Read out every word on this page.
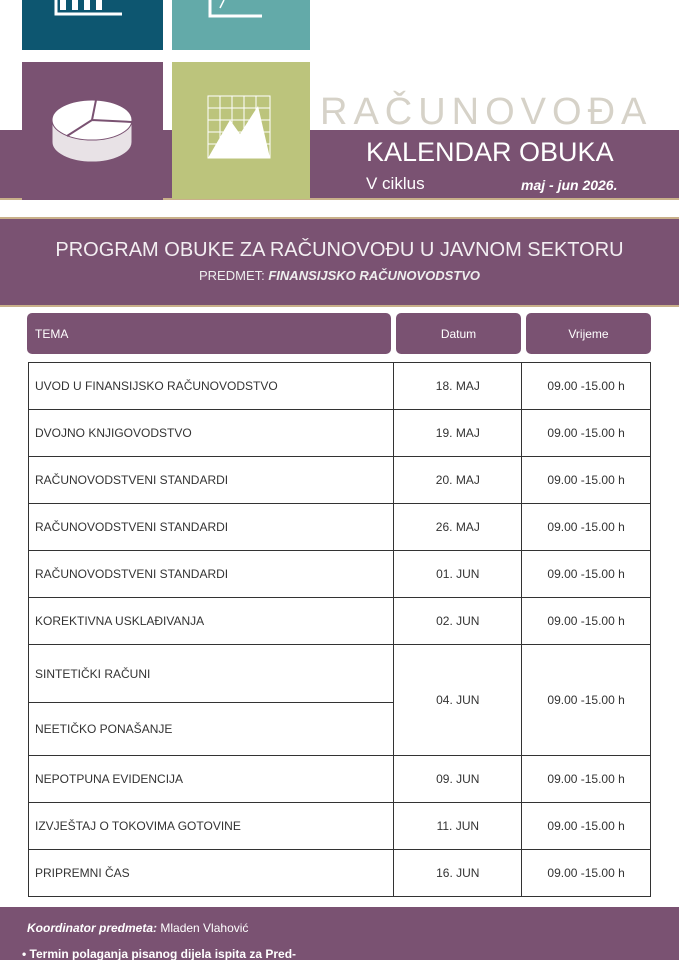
RAČUNOVOĐA
KALENDAR OBUKA
V ciklus	maj - jun 2026.
PROGRAM OBUKE ZA RAČUNOVOĐU U JAVNOM SEKTORU
PREDMET: FINANSIJSKO RAČUNOVODSTVO
TEMA	Datum	Vrijeme
UVOD U FINANSIJSKO RAČUNOVODSTVO	18. MAJ	09.00 -15.00 h
DVOJNO KNJIGOVODSTVO	19. MAJ	09.00 -15.00 h
RAČUNOVODSTVENI STANDARDI	20. MAJ	09.00 -15.00 h
RAČUNOVODSTVENI STANDARDI	26. MAJ	09.00 -15.00 h
RAČUNOVODSTVENI STANDARDI	01. JUN	09.00 -15.00 h
KOREKTIVNA USKLAĐIVANJA	02. JUN	09.00 -15.00 h
SINTETIČKI RAČUNI	04. JUN	09.00 -15.00 h
NEETIČKO PONAŠANJE		
NEPOTPUNA EVIDENCIJA	09. JUN	09.00 -15.00 h
IZVJEŠTAJ O TOKOVIMA GOTOVINE	11. JUN	09.00 -15.00 h
PRIPREMNI ČAS	16. JUN	09.00 -15.00 h
Koordinator predmeta: Mladen Vlahović
• Termin polaganja pisanog dijela ispita za Pred-
